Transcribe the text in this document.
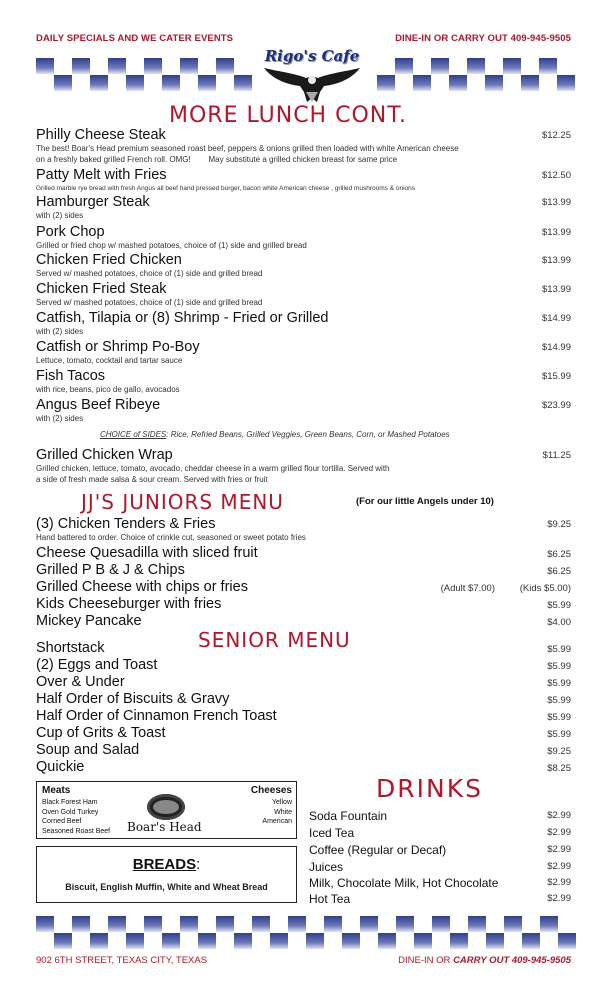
DAILY SPECIALS AND WE CATER EVENTS	DINE-IN OR CARRY OUT 409-945-9505
Rigo's Cafe
MORE LUNCH CONT.
Philly Cheese Steak	$12.25
The best! Boar's Head premium seasoned roast beef, peppers & onions grilled then loaded with white American cheese
on a freshly baked grilled French roll. OMG!        May substitute a grilled chicken breast for same price
Patty Melt with Fries	$12.50
Grilled marble rye bread with fresh Angus all beef hand pressed burger, bacon white American cheese , grilled mushrooms & onions
Hamburger Steak	$13.99
with (2) sides
Pork Chop	$13.99
Grilled or fried chop w/ mashed potatoes, choice of (1) side and grilled bread
Chicken Fried Chicken	$13.99
Served w/ mashed potatoes, choice of (1) side and grilled bread
Chicken Fried Steak	$13.99
Served w/ mashed potatoes, choice of (1) side and grilled bread
Catfish, Tilapia or (8) Shrimp - Fried or Grilled	$14.99
with (2) sides
Catfish or Shrimp Po-Boy	$14.99
Lettuce, tomato, cocktail and tartar sauce
Fish Tacos	$15.99
with rice, beans, pico de gallo, avocados
Angus Beef Ribeye	$23.99
with (2) sides
CHOICE of SIDES: Rice, Refried Beans, Grilled Veggies, Green Beans, Corn, or Mashed Potatoes
Grilled Chicken Wrap	$11.25
Grilled chicken, lettuce, tomato, avocado, cheddar cheese in a warm grilled flour tortilla. Served with
a side of fresh made salsa & sour cream. Served with fries or fruit
JJ'S JUNIORS MENU	(For our little Angels under 10)
(3) Chicken Tenders & Fries	$9.25
Hand battered to order. Choice of crinkle cut, seasoned or sweet potato fries
Cheese Quesadilla with sliced fruit	$6.25
Grilled P B & J & Chips	$6.25
Grilled Cheese with chips or fries	(Adult $7.00)	(Kids $5.00)
Kids Cheeseburger with fries	$5.99
Mickey Pancake	$4.00
SENIOR MENU
Shortstack	$5.99
(2) Eggs and Toast	$5.99
Over & Under	$5.99
Half Order of Biscuits & Gravy	$5.99
Half Order of Cinnamon French Toast	$5.99
Cup of Grits & Toast	$5.99
Soup and Salad	$9.25
Quickie	$8.25
Meats
Black Forest Ham
Oven Gold Turkey
Corned Beef
Seasoned Roast Beef Boar's Head
Cheeses
Yellow
White
American
BREADS:
Biscuit, English Muffin, White and Wheat Bread
DRINKS
Soda Fountain	$2.99
Iced Tea	$2.99
Coffee (Regular or Decaf)	$2.99
Juices	$2.99
Milk, Chocolate Milk, Hot Chocolate	$2.99
Hot Tea	$2.99
902 6TH STREET, TEXAS CITY, TEXAS	DINE-IN OR CARRY OUT 409-945-9505
